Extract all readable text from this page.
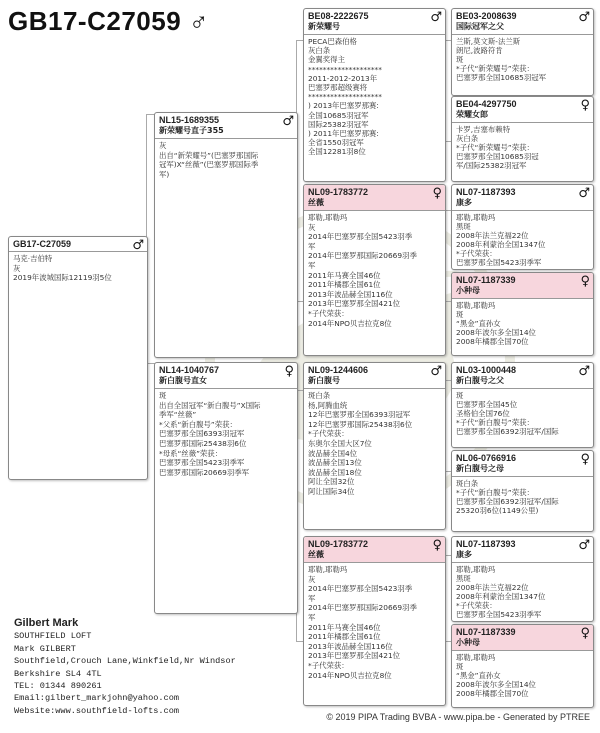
GB17-C27059 ♂
GB17-C27059	♂
马克·吉伯特
灰
2019年波城国际12119羽5位
NL15-1689355
新荣耀号直子355
♂
灰
出自“新荣耀号”(巴塞罗那国际
冠军)X“丝薇”(巴塞罗那国际季
军)
NL14-1040767
新白腹号直女
♀
斑
出自全国冠军“新白腹号”X国际
季军“丝薇”
*父系“新白腹号”荣获：
巴塞罗那全国6393羽冠军
巴塞罗那国际25438羽6位
*母系“丝薇”荣获：
巴塞罗那全国5423羽季军
巴塞罗那国际20669羽季军
BE08-2222675
新荣耀号
♂
PECA巴森伯格
灰白条
金翼奖得主
********************
2011-2012-2013年
巴塞罗那超级赛将
********************
) 2013年巴塞罗那赛:
全国10685羽冠军
国际25382羽冠军
) 2011年巴塞罗那赛:
全省1550羽冠军
全国12281羽8位
NL09-1783772
丝薇
♀
耶勒,耶勒玛
灰
2014年巴塞罗那全国5423羽季
军
2014年巴塞罗那国际20669羽季
军
2011年马赛全国46位
2011年橘郡全国61位
2013年波品赫全国116位
2013年巴塞罗那全国421位
*子代荣获：
2014年NPO贝吉拉克8位
NL09-1244606
新白腹号
♂
斑白条
杨,阿腾血统
12年巴塞罗那全国6393羽冠军
12年巴塞罗那国际25438羽6位
*子代荣获：
东奥尔全国大区7位
波品赫全国4位
波品赫全国13位
波品赫全国18位
阿让全国32位
阿让国际34位
NL09-1783772
丝薇
♀
耶勒,耶勒玛
灰
2014年巴塞罗那全国5423羽季
军
2014年巴塞罗那国际20669羽季
军
2011年马赛全国46位
2011年橘郡全国61位
2013年波品赫全国116位
2013年巴塞罗那全国421位
*子代荣获：
2014年NPO贝吉拉克8位
BE03-2008639
国际冠军之父
♂
兰斯,莫文斯-法兰斯
朗尼,波路符肯
斑
*子代“新荣耀号”荣获：
巴塞罗那全国10685羽冠军
BE04-4297750
荣耀女郎
♀
卡罗,吉塞布赖特
灰白条
*子代“新荣耀号”荣获：
巴塞罗那全国10685羽冠
军/国际25382羽冠军
NL07-1187393
康多
♂
耶勒,耶勒玛
黑斑
2008年法兰克福22位
2008年利蒙治全国1347位
*子代荣获：
巴塞罗那全国5423羽季军
NL07-1187339
小种母
♀
耶勒,耶勒玛
斑
“黑金”直孙女
2008年波尔多全国14位
2008年橘郡全国70位
NL03-1000448
新白腹号之父
♂
斑
巴塞罗那全国45位
圣格伯全国76位
*子代“新白腹号”荣获：
巴塞罗那全国6392羽冠军/国际
NL06-0766916
新白腹号之母
♀
斑白条
*子代“新白腹号”荣获：
巴塞罗那全国6392羽冠军/国际
25320羽6位(1149公里)
NL07-1187393
康多
♂
耶勒,耶勒玛
黑斑
2008年法兰克福22位
2008年利蒙治全国1347位
*子代荣获：
巴塞罗那全国5423羽季军
NL07-1187339
小种母
♀
耶勒,耶勒玛
斑
“黑金”直孙女
2008年波尔多全国14位
2008年橘郡全国70位
Gilbert Mark
SOUTHFIELD LOFT
Mark GILBERT
Southfield,Crouch Lane,Winkfield,Nr Windsor
Berkshire SL4 4TL
TEL: 01344 890261
Email:gilbert_markjohn@yahoo.com
Website:www.southfield-lofts.com
© 2019 PIPA Trading BVBA - www.pipa.be - Generated by PTREE
